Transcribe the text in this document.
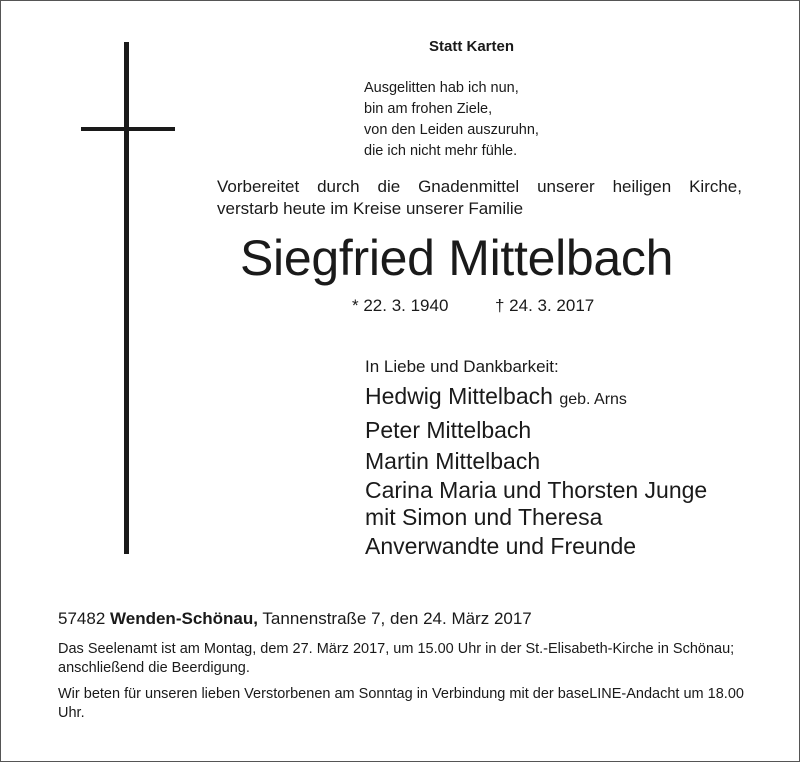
Statt Karten
Ausgelitten hab ich nun,
bin am frohen Ziele,
von den Leiden auszuruhn,
die ich nicht mehr fühle.
Vorbereitet durch die Gnadenmittel unserer heiligen Kirche,
verstarb heute im Kreise unserer Familie
Siegfried Mittelbach
* 22. 3. 1940	† 24. 3. 2017
In Liebe und Dankbarkeit:
Hedwig Mittelbach geb. Arns
Peter Mittelbach
Martin Mittelbach
Carina Maria und Thorsten Junge
mit Simon und Theresa
Anverwandte und Freunde
57482 Wenden-Schönau, Tannenstraße 7, den 24. März 2017
Das Seelenamt ist am Montag, dem 27. März 2017, um 15.00 Uhr in der St.-Elisabeth-Kirche in Schönau; anschließend die Beerdigung.
Wir beten für unseren lieben Verstorbenen am Sonntag in Verbindung mit der baseLINE-Andacht um 18.00 Uhr.
